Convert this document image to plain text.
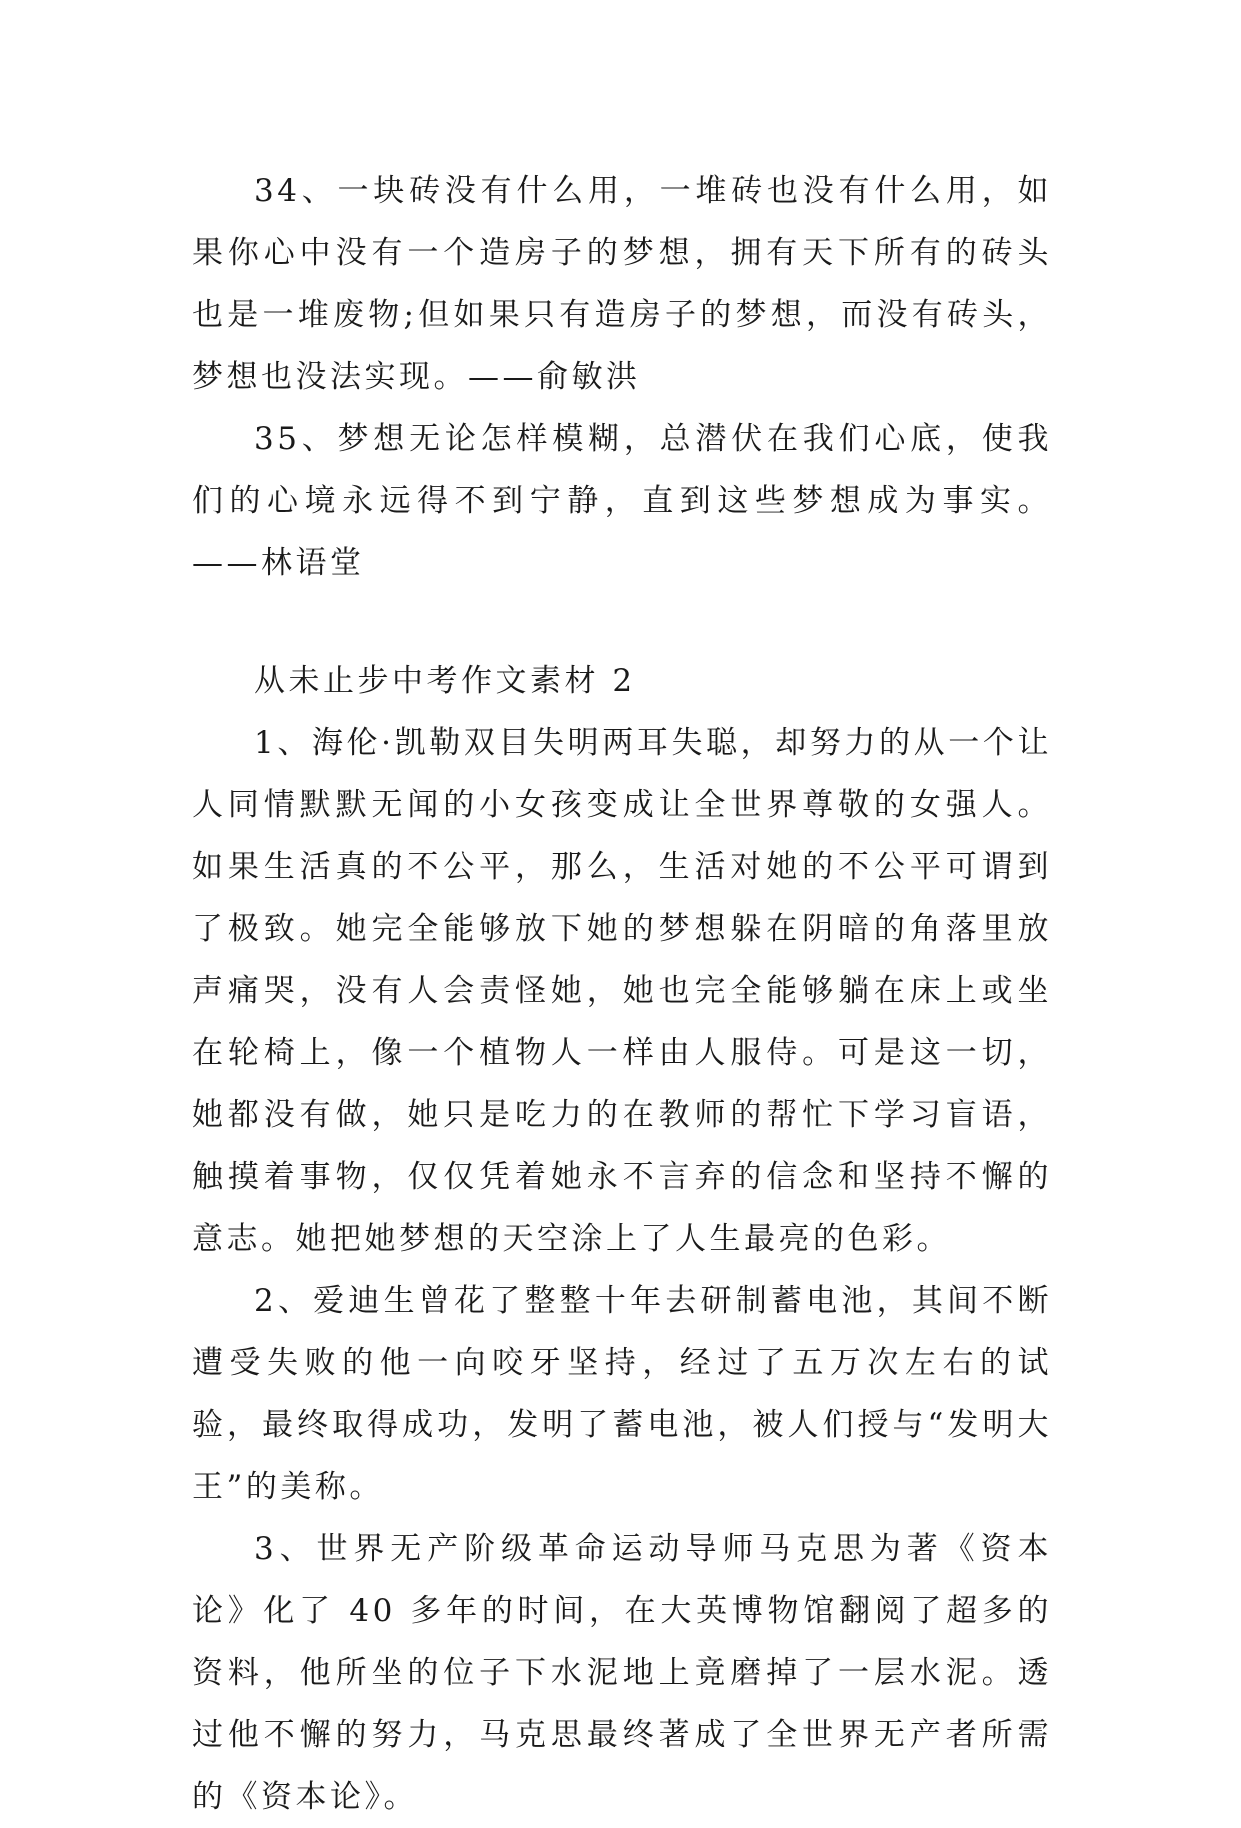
34、一块砖没有什么用，一堆砖也没有什么用，如果你心中没有一个造房子的梦想，拥有天下所有的砖头也是一堆废物;但如果只有造房子的梦想，而没有砖头，梦想也没法实现。——俞敏洪

35、梦想无论怎样模糊，总潜伏在我们心底，使我们的心境永远得不到宁静，直到这些梦想成为事实。——林语堂

从未止步中考作文素材 2

1、海伦·凯勒双目失明两耳失聪，却努力的从一个让人同情默默无闻的小女孩变成让全世界尊敬的女强人。如果生活真的不公平，那么，生活对她的不公平可谓到了极致。她完全能够放下她的梦想躲在阴暗的角落里放声痛哭，没有人会责怪她，她也完全能够躺在床上或坐在轮椅上，像一个植物人一样由人服侍。可是这一切，她都没有做，她只是吃力的在教师的帮忙下学习盲语，触摸着事物，仅仅凭着她永不言弃的信念和坚持不懈的意志。她把她梦想的天空涂上了人生最亮的色彩。

2、爱迪生曾花了整整十年去研制蓄电池，其间不断遭受失败的他一向咬牙坚持，经过了五万次左右的试验，最终取得成功，发明了蓄电池，被人们授与“发明大王”的美称。

3、世界无产阶级革命运动导师马克思为著《资本论》化了 40 多年的时间，在大英博物馆翻阅了超多的资料，他所坐的位子下水泥地上竟磨掉了一层水泥。透过他不懈的努力，马克思最终著成了全世界无产者所需的《资本论》。
